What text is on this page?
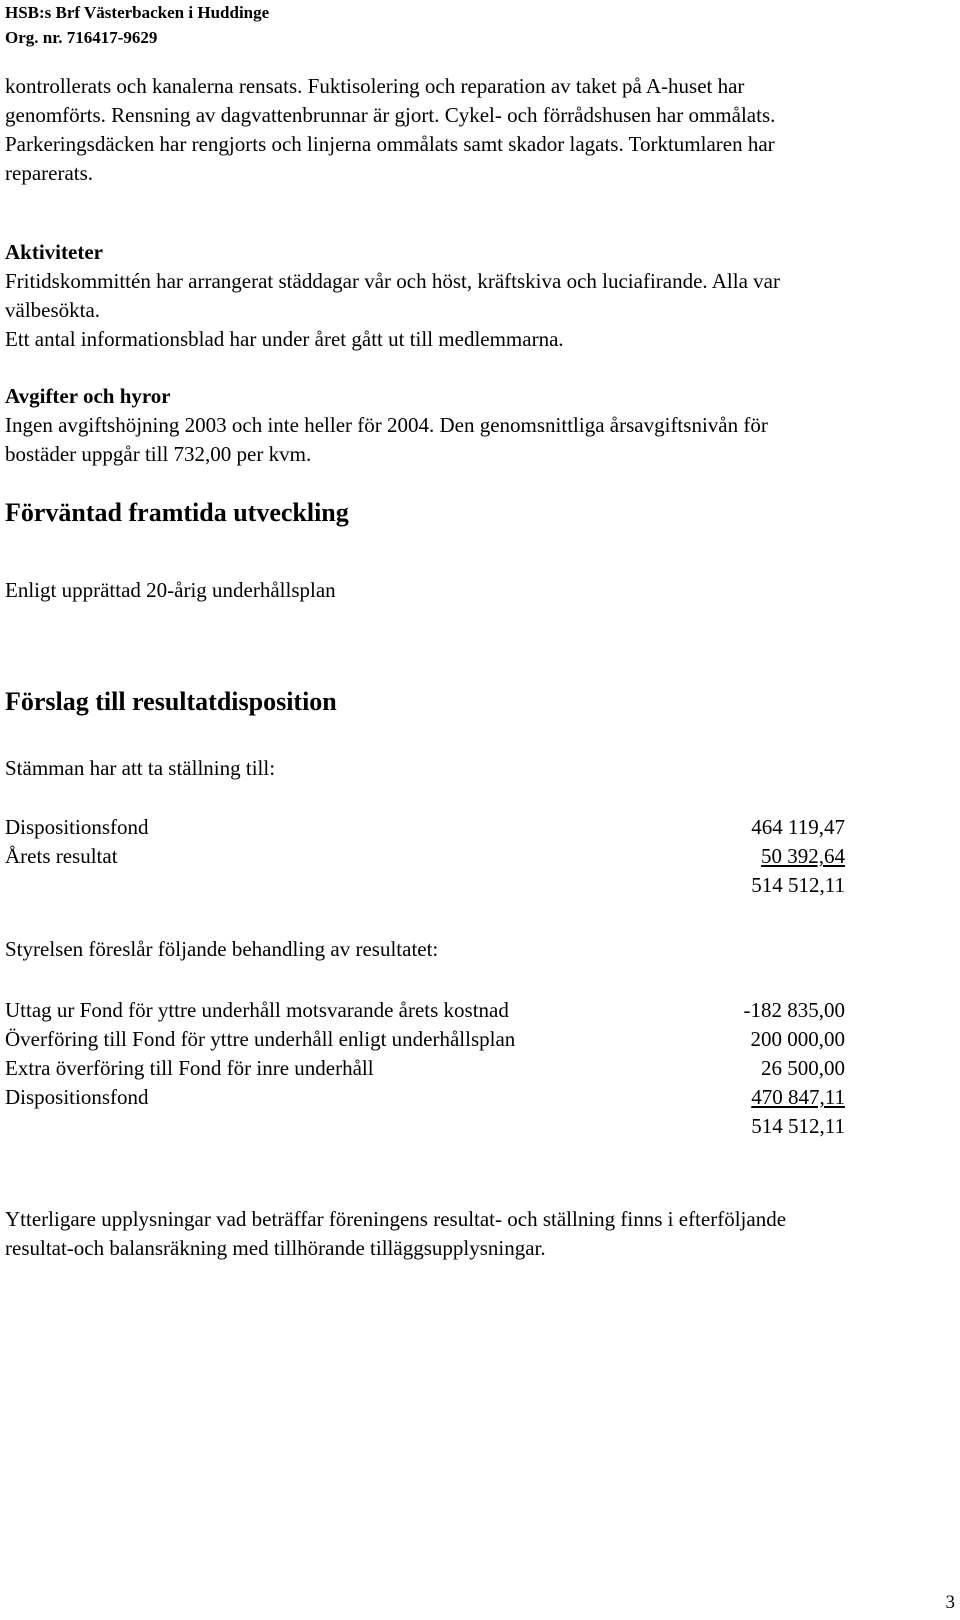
HSB:s Brf Västerbacken i Huddinge
Org. nr. 716417-9629
kontrollerats och kanalerna rensats. Fuktisolering och reparation av taket på A-huset har
genomförts. Rensning av dagvattenbrunnar är gjort. Cykel- och förrådshusen har ommålats.
Parkeringsdäcken har rengjorts och linjerna ommålats samt skador lagats. Torktumlaren har
reparerats.
Aktiviteter
Fritidskommittén har arrangerat städdagar vår och höst, kräftskiva och luciafirande. Alla var
välbesökta.
Ett antal informationsblad har under året gått ut till medlemmarna.
Avgifter och hyror
Ingen avgiftshöjning 2003 och inte heller för 2004. Den genomsnittliga årsavgiftsnivån för
bostäder uppgår till 732,00 per kvm.
Förväntad framtida utveckling
Enligt upprättad 20-årig underhållsplan
Förslag till resultatdisposition
Stämman har att ta ställning till:
Dispositionsfond	464 119,47
Årets resultat	50 392,64
514 512,11
Styrelsen föreslår följande behandling av resultatet:
Uttag ur Fond för yttre underhåll motsvarande årets kostnad	-182 835,00
Överföring till Fond för yttre underhåll enligt underhållsplan	200 000,00
Extra överföring till Fond för inre underhåll	26 500,00
Dispositionsfond	470 847,11
514 512,11
Ytterligare upplysningar vad beträffar föreningens resultat- och ställning finns i efterföljande
resultat-och balansräkning med tillhörande tilläggsupplysningar.
3
